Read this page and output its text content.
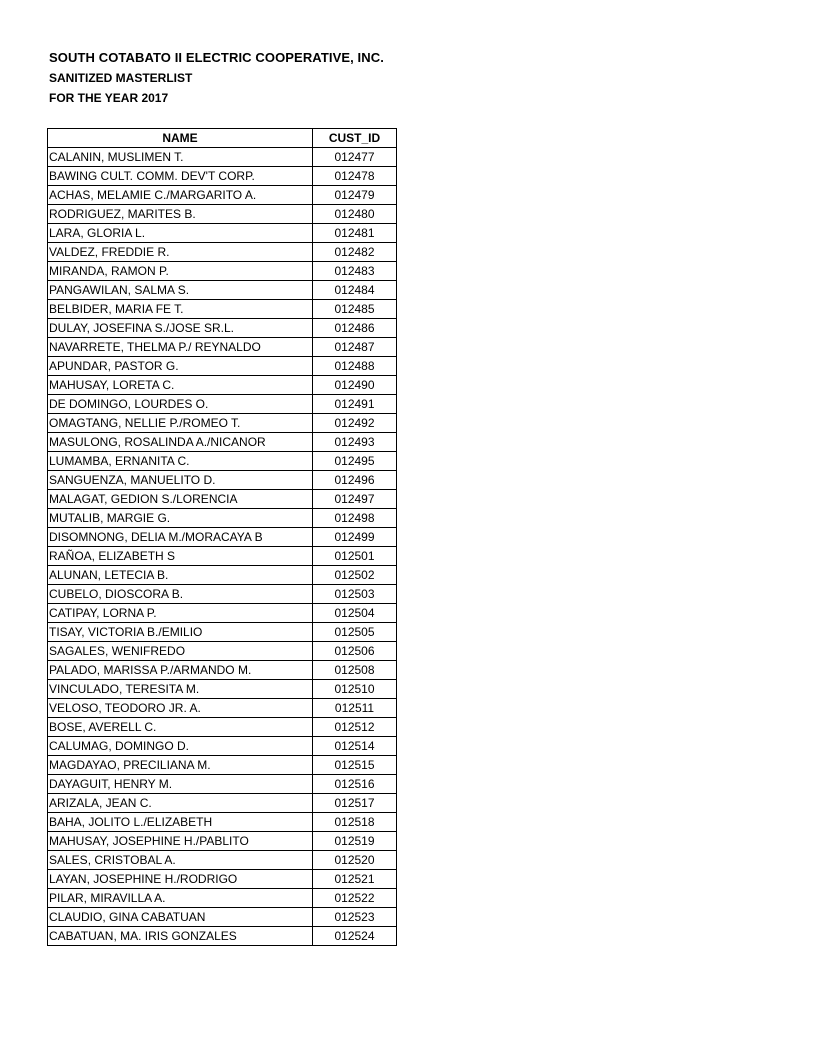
SOUTH COTABATO II ELECTRIC COOPERATIVE, INC.
SANITIZED MASTERLIST
FOR THE YEAR 2017
NAME	CUST_ID
CALANIN, MUSLIMEN T.	012477
BAWING CULT. COMM. DEV'T CORP.	012478
ACHAS, MELAMIE C./MARGARITO A.	012479
RODRIGUEZ, MARITES B.	012480
LARA, GLORIA L.	012481
VALDEZ, FREDDIE R.	012482
MIRANDA, RAMON P.	012483
PANGAWILAN, SALMA S.	012484
BELBIDER, MARIA FE T.	012485
DULAY, JOSEFINA S./JOSE SR.L.	012486
NAVARRETE, THELMA P./ REYNALDO	012487
APUNDAR, PASTOR G.	012488
MAHUSAY, LORETA C.	012490
DE DOMINGO, LOURDES O.	012491
OMAGTANG, NELLIE P./ROMEO T.	012492
MASULONG, ROSALINDA A./NICANOR	012493
LUMAMBA, ERNANITA C.	012495
SANGUENZA, MANUELITO D.	012496
MALAGAT, GEDION S./LORENCIA	012497
MUTALIB, MARGIE G.	012498
DISOMNONG, DELIA M./MORACAYA B	012499
RAÑOA, ELIZABETH S	012501
ALUNAN, LETECIA B.	012502
CUBELO, DIOSCORA B.	012503
CATIPAY, LORNA P.	012504
TISAY, VICTORIA B./EMILIO	012505
SAGALES, WENIFREDO	012506
PALADO, MARISSA P./ARMANDO M.	012508
VINCULADO, TERESITA M.	012510
VELOSO, TEODORO JR. A.	012511
BOSE, AVERELL C.	012512
CALUMAG, DOMINGO D.	012514
MAGDAYAO, PRECILIANA M.	012515
DAYAGUIT, HENRY M.	012516
ARIZALA, JEAN C.	012517
BAHA, JOLITO L./ELIZABETH	012518
MAHUSAY, JOSEPHINE H./PABLITO	012519
SALES, CRISTOBAL A.	012520
LAYAN, JOSEPHINE H./RODRIGO	012521
PILAR, MIRAVILLA A.	012522
CLAUDIO, GINA CABATUAN	012523
CABATUAN, MA. IRIS GONZALES	012524
